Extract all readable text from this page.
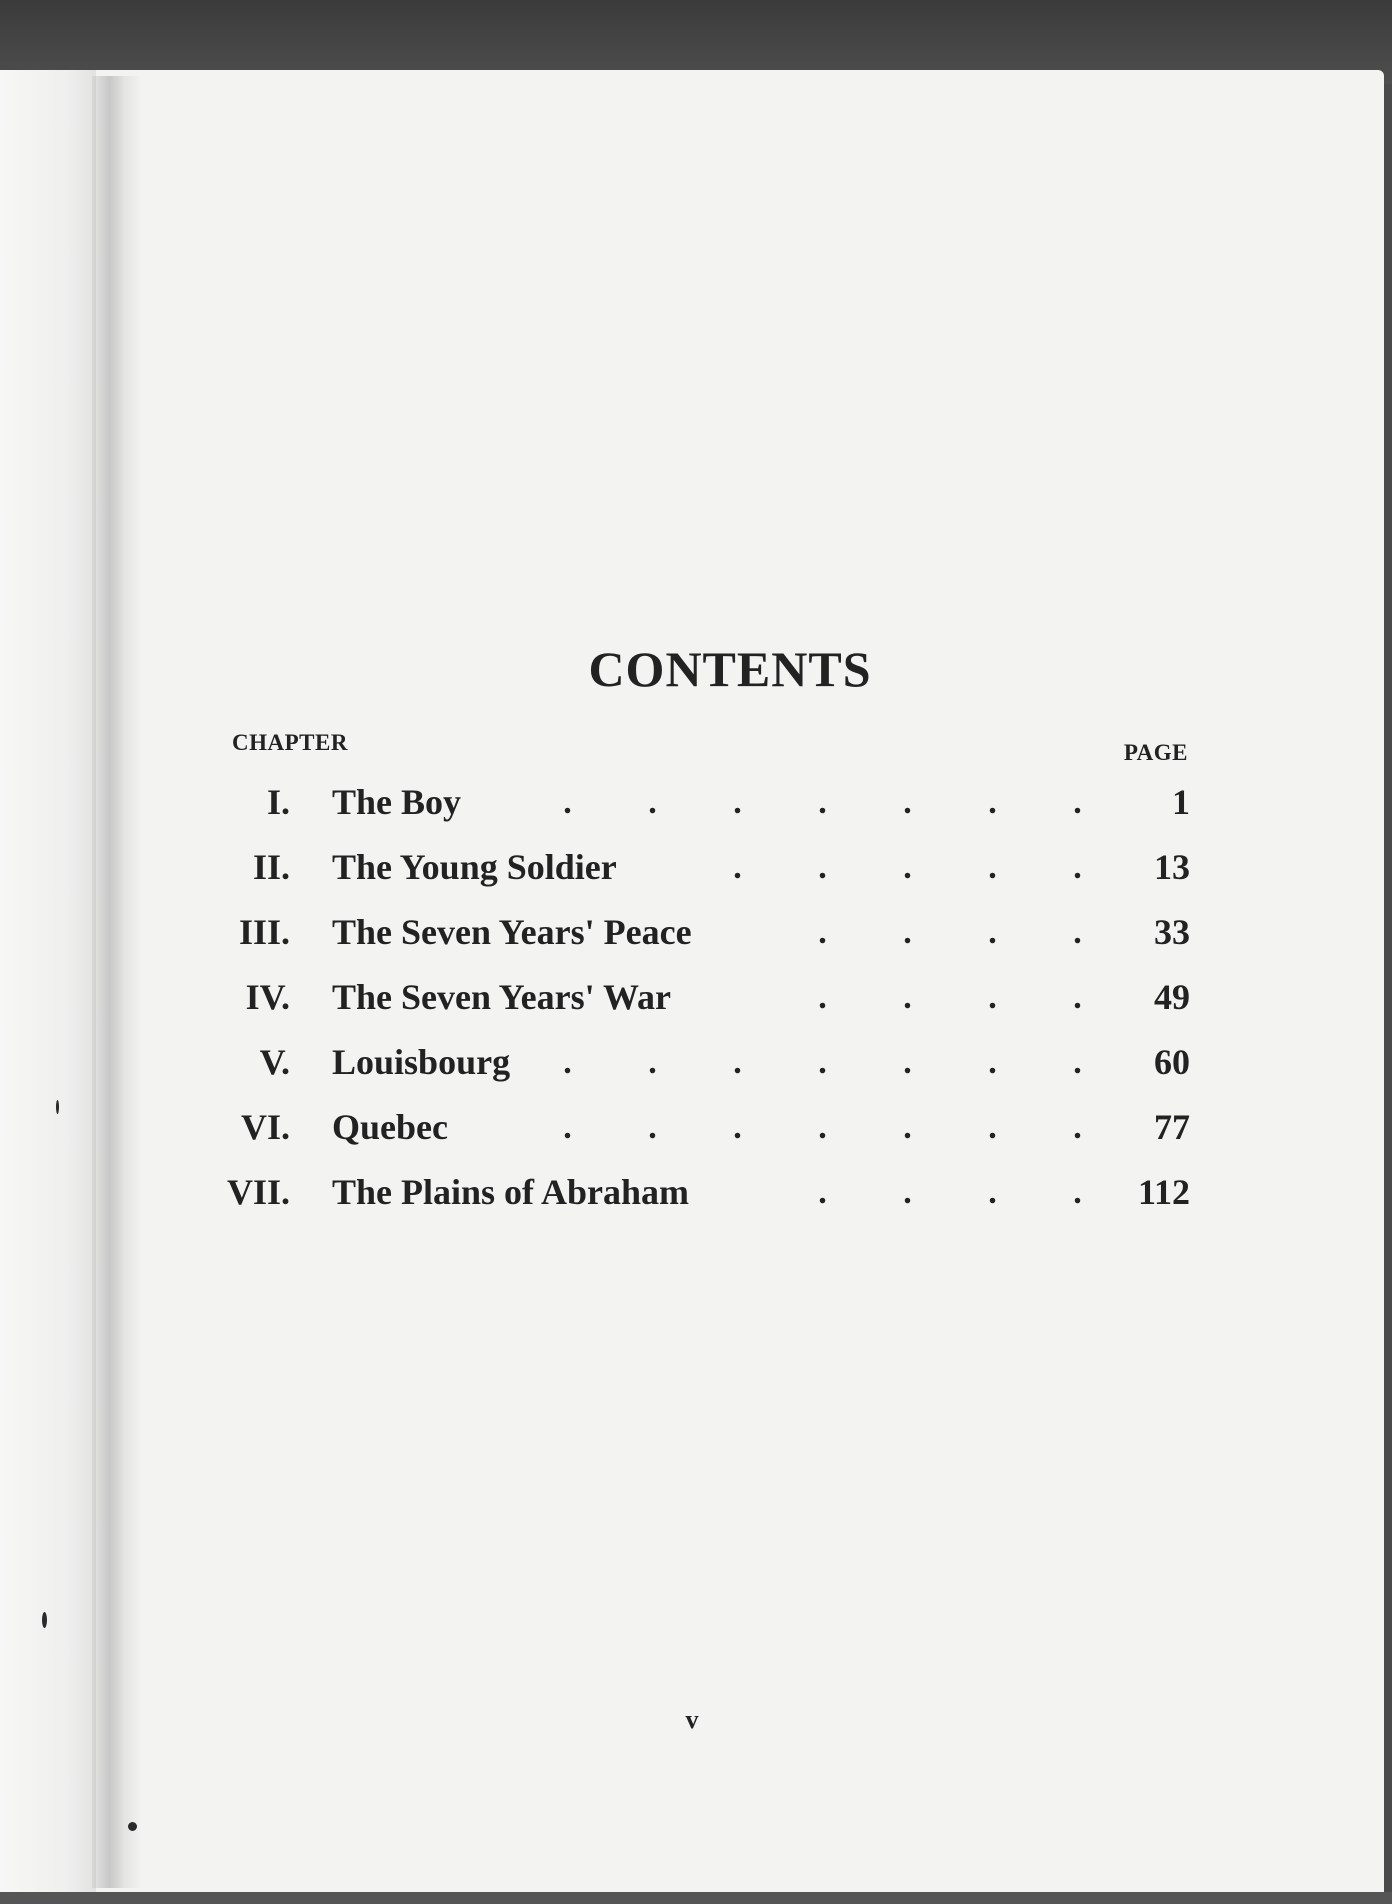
CONTENTS
CHAPTER	PAGE
I. The Boy	.	.	.	.	.	.	.	1
II. The Young Soldier	.	.	.	.	.	13
III. The Seven Years' Peace	.	.	.	.	33
IV. The Seven Years' War	.	.	.	.	49
V. Louisbourg	.	.	.	.	.	.	.	60
VI. Quebec	.	.	.	.	.	.	.	77
VII. The Plains of Abraham	.	.	.	.	112
v
